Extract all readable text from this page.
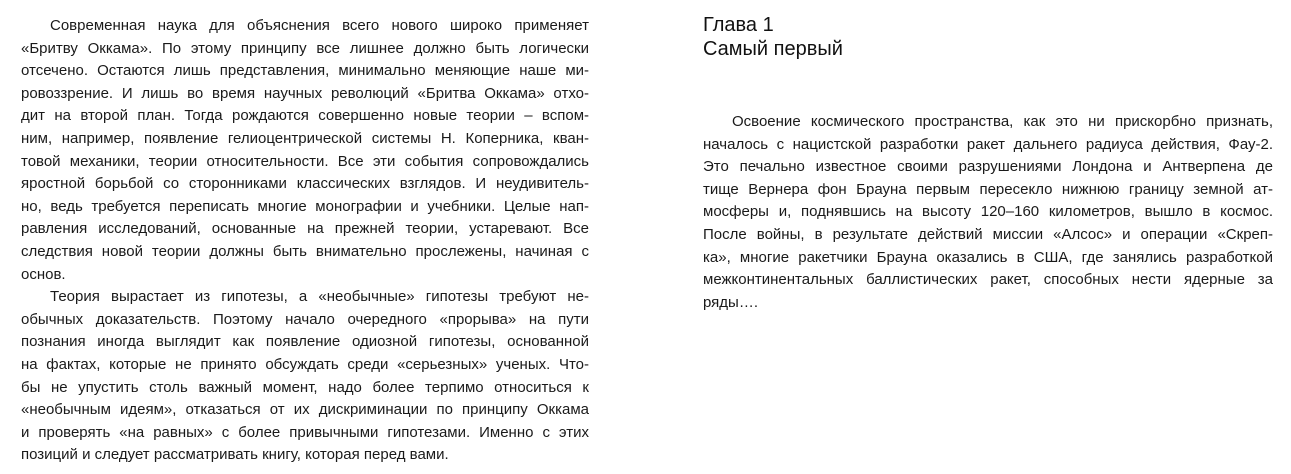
Современная наука для объяснения всего нового широко применяет
«Бритву Оккама». По этому принципу все лишнее должно быть логически
отсечено. Остаются лишь представления, минимально меняющие наше ми-
ровоззрение. И лишь во время научных революций «Бритва Оккама» отхо-
дит на второй план. Тогда рождаются совершенно новые теории – вспом-
ним, например, появление гелиоцентрической системы Н. Коперника, кван-
товой механики, теории относительности. Все эти события сопровождались
яростной борьбой со сторонниками классических взглядов. И неудивитель-
но, ведь требуется переписать многие монографии и учебники. Целые нап-
равления исследований, основанные на прежней теории, устаревают. Все
следствия новой теории должны быть внимательно прослежены, начиная с
основ.
Теория вырастает из гипотезы, а «необычные» гипотезы требуют не-
обычных доказательств. Поэтому начало очередного «прорыва» на пути
познания иногда выглядит как появление одиозной гипотезы, основанной
на фактах, которые не принято обсуждать среди «серьезных» ученых. Что-
бы не упустить столь важный момент, надо более терпимо относиться к
«необычным идеям», отказаться от их дискриминации по принципу Оккама
и проверять «на равных» с более привычными гипотезами. Именно с этих
позиций и следует рассматривать книгу, которая перед вами.
Глава 1
Самый первый
Освоение космического пространства, как это ни прискорбно признать,
началось с нацистской разработки ракет дальнего радиуса действия, Фау-2.
Это печально известное своими разрушениями Лондона и Антверпена де
тище Вернера фон Брауна первым пересекло нижнюю границу земной ат-
мосферы и, поднявшись на высоту 120–160 километров, вышло в космос.
После войны, в результате действий миссии «Алсос» и операции «Скреп-
ка», многие ракетчики Брауна оказались в США, где занялись разработкой
межконтинентальных баллистических ракет, способных нести ядерные за
ряды….
